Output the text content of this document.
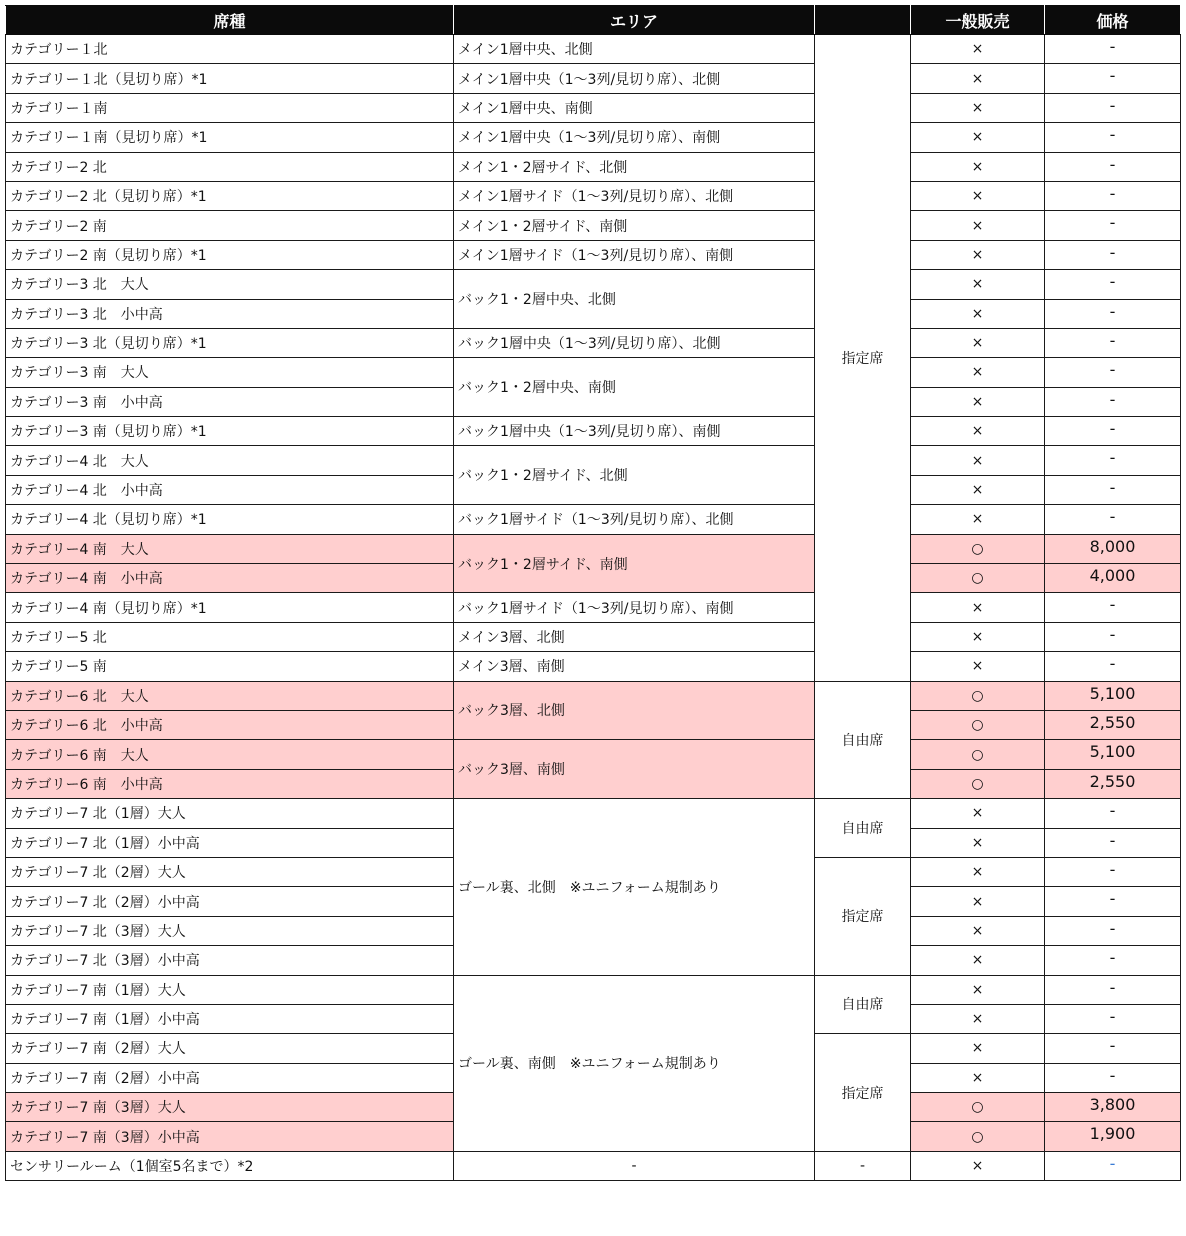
席種	エリア		一般販売	価格
カテゴリー１北	メイン1層中央、北側	指定席	×	-
カテゴリー１北（見切り席）*1	メイン1層中央（1〜3列/見切り席）、北側		×	-
カテゴリー１南	メイン1層中央、南側		×	-
カテゴリー１南（見切り席）*1	メイン1層中央（1〜3列/見切り席）、南側		×	-
カテゴリー2 北	メイン1・2層サイド、北側		×	-
カテゴリー2 北（見切り席）*1	メイン1層サイド（1〜3列/見切り席）、北側		×	-
カテゴリー2 南	メイン1・2層サイド、南側		×	-
カテゴリー2 南（見切り席）*1	メイン1層サイド（1〜3列/見切り席）、南側		×	-
カテゴリー3 北　大人	バック1・2層中央、北側		×	-
カテゴリー3 北　小中高			×	-
カテゴリー3 北（見切り席）*1	バック1層中央（1〜3列/見切り席）、北側		×	-
カテゴリー3 南　大人	バック1・2層中央、南側		×	-
カテゴリー3 南　小中高			×	-
カテゴリー3 南（見切り席）*1	バック1層中央（1〜3列/見切り席）、南側		×	-
カテゴリー4 北　大人	バック1・2層サイド、北側		×	-
カテゴリー4 北　小中高			×	-
カテゴリー4 北（見切り席）*1	バック1層サイド（1〜3列/見切り席）、北側		×	-
カテゴリー4 南　大人	バック1・2層サイド、南側		○	8,000
カテゴリー4 南　小中高			○	4,000
カテゴリー4 南（見切り席）*1	バック1層サイド（1〜3列/見切り席）、南側		×	-
カテゴリー5 北	メイン3層、北側		×	-
カテゴリー5 南	メイン3層、南側		×	-
カテゴリー6 北　大人	バック3層、北側	自由席	○	5,100
カテゴリー6 北　小中高			○	2,550
カテゴリー6 南　大人	バック3層、南側		○	5,100
カテゴリー6 南　小中高			○	2,550
カテゴリー7 北（1層）大人	ゴール裏、北側　※ユニフォーム規制あり	自由席	×	-
カテゴリー7 北（1層）小中高			×	-
カテゴリー7 北（2層）大人		指定席	×	-
カテゴリー7 北（2層）小中高			×	-
カテゴリー7 北（3層）大人			×	-
カテゴリー7 北（3層）小中高			×	-
カテゴリー7 南（1層）大人	ゴール裏、南側　※ユニフォーム規制あり	自由席	×	-
カテゴリー7 南（1層）小中高			×	-
カテゴリー7 南（2層）大人		指定席	×	-
カテゴリー7 南（2層）小中高			×	-
カテゴリー7 南（3層）大人			○	3,800
カテゴリー7 南（3層）小中高			○	1,900
センサリールーム（1個室5名まで）*2	-	-	×	-
